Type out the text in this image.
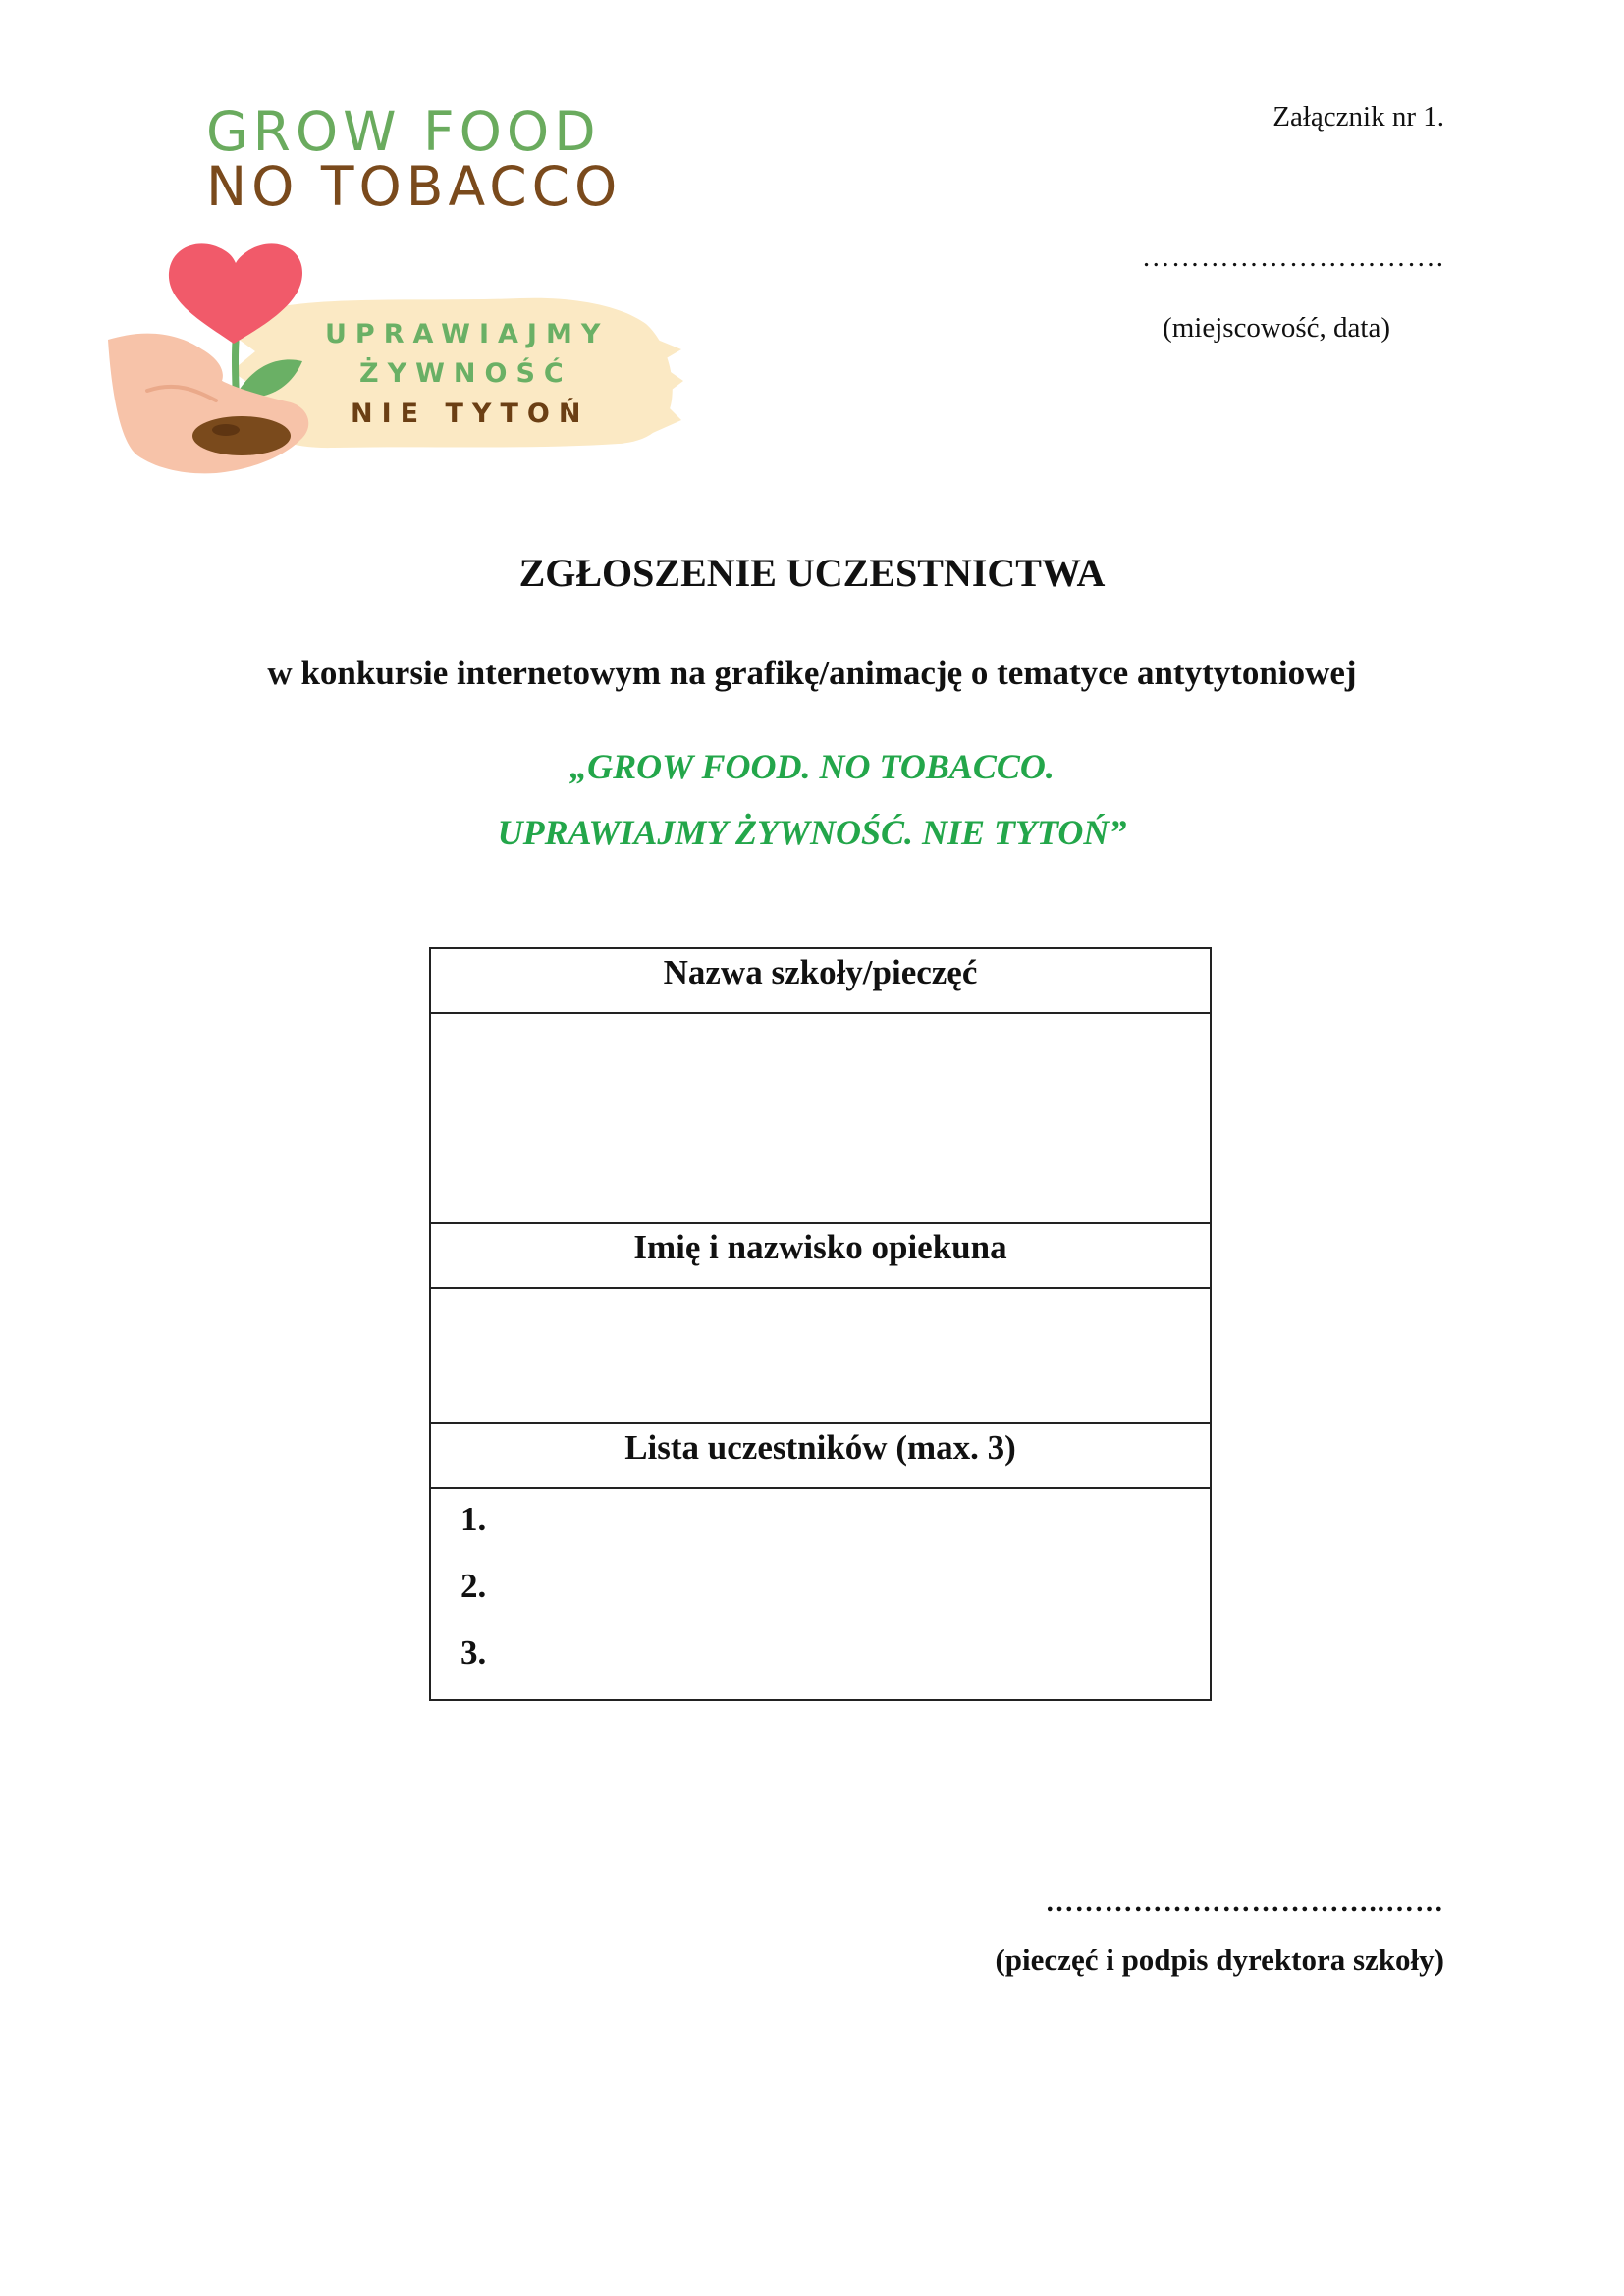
GROW FOOD
NO TOBACCO
UPRAWIAJMY
ŻYWNOŚĆ
NIE TYTOŃ
Załącznik nr 1.
………………………….
(miejscowość, data)
ZGŁOSZENIE UCZESTNICTWA
w konkursie internetowym na grafikę/animację o tematyce antytytoniowej
„GROW FOOD. NO TOBACCO.
UPRAWIAJMY ŻYWNOŚĆ. NIE TYTOŃ”
Nazwa szkoły/pieczęć

Imię i nazwisko opiekuna

Lista uczestników (max. 3)

1.
2.
3.
……………………………..……
(pieczęć i podpis dyrektora szkoły)
